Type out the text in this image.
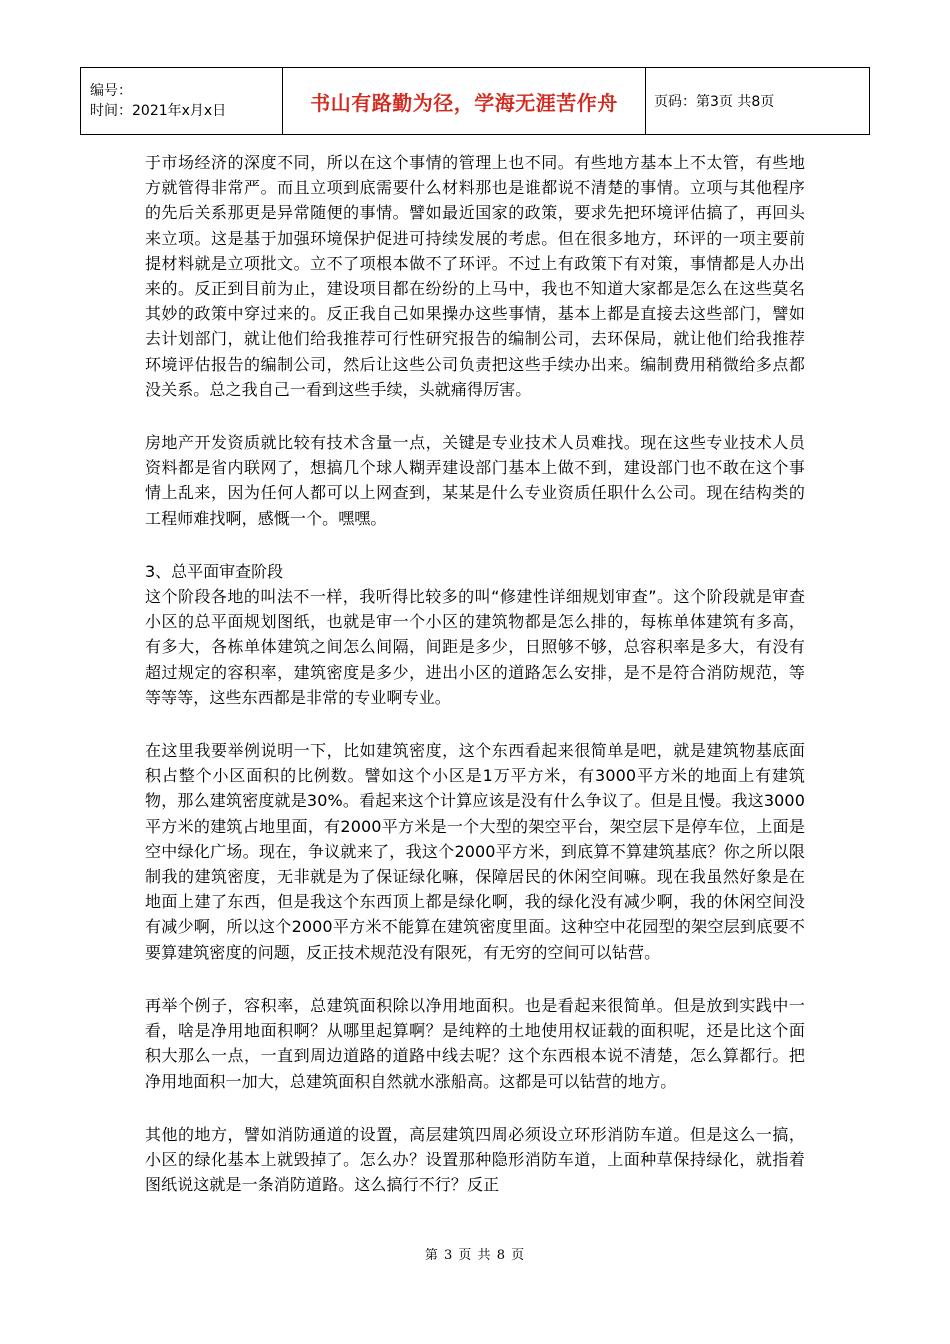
编号：
时间：2021年x月x日	书山有路勤为径，学海无涯苦作舟	页码：第3页 共8页

于市场经济的深度不同，所以在这个事情的管理上也不同。有些地方基本上不太管，有些地方就管得非常严。而且立项到底需要什么材料那也是谁都说不清楚的事情。立项与其他程序的先后关系那更是异常随便的事情。譬如最近国家的政策，要求先把环境评估搞了，再回头来立项。这是基于加强环境保护促进可持续发展的考虑。但在很多地方，环评的一项主要前提材料就是立项批文。立不了项根本做不了环评。不过上有政策下有对策，事情都是人办出来的。反正到目前为止，建设项目都在纷纷的上马中，我也不知道大家都是怎么在这些莫名其妙的政策中穿过来的。反正我自己如果操办这些事情，基本上都是直接去这些部门，譬如去计划部门，就让他们给我推荐可行性研究报告的编制公司，去环保局，就让他们给我推荐环境评估报告的编制公司，然后让这些公司负责把这些手续办出来。编制费用稍微给多点都没关系。总之我自己一看到这些手续，头就痛得厉害。

房地产开发资质就比较有技术含量一点，关键是专业技术人员难找。现在这些专业技术人员资料都是省内联网了，想搞几个球人糊弄建设部门基本上做不到，建设部门也不敢在这个事情上乱来，因为任何人都可以上网查到，某某是什么专业资质任职什么公司。现在结构类的工程师难找啊，感慨一个。嘿嘿。

3、总平面审查阶段

这个阶段各地的叫法不一样，我听得比较多的叫“修建性详细规划审查”。这个阶段就是审查小区的总平面规划图纸，也就是审一个小区的建筑物都是怎么排的，每栋单体建筑有多高，有多大，各栋单体建筑之间怎么间隔，间距是多少，日照够不够，总容积率是多大，有没有超过规定的容积率，建筑密度是多少，进出小区的道路怎么安排，是不是符合消防规范，等等等等，这些东西都是非常的专业啊专业。

在这里我要举例说明一下，比如建筑密度，这个东西看起来很简单是吧，就是建筑物基底面积占整个小区面积的比例数。譬如这个小区是1万平方米，有3000平方米的地面上有建筑物，那么建筑密度就是30%。看起来这个计算应该是没有什么争议了。但是且慢。我这3000平方米的建筑占地里面，有2000平方米是一个大型的架空平台，架空层下是停车位，上面是空中绿化广场。现在，争议就来了，我这个2000平方米，到底算不算建筑基底？你之所以限制我的建筑密度，无非就是为了保证绿化嘛，保障居民的休闲空间嘛。现在我虽然好象是在地面上建了东西，但是我这个东西顶上都是绿化啊，我的绿化没有减少啊，我的休闲空间没有减少啊，所以这个2000平方米不能算在建筑密度里面。这种空中花园型的架空层到底要不要算建筑密度的问题，反正技术规范没有限死，有无穷的空间可以钻营。

再举个例子，容积率，总建筑面积除以净用地面积。也是看起来很简单。但是放到实践中一看，啥是净用地面积啊？从哪里起算啊？是纯粹的土地使用权证载的面积呢，还是比这个面积大那么一点，一直到周边道路的道路中线去呢？这个东西根本说不清楚，怎么算都行。把净用地面积一加大，总建筑面积自然就水涨船高。这都是可以钻营的地方。

其他的地方，譬如消防通道的设置，高层建筑四周必须设立环形消防车道。但是这么一搞，小区的绿化基本上就毁掉了。怎么办？设置那种隐形消防车道，上面种草保持绿化，就指着图纸说这就是一条消防道路。这么搞行不行？反正

第 3 页 共 8 页
